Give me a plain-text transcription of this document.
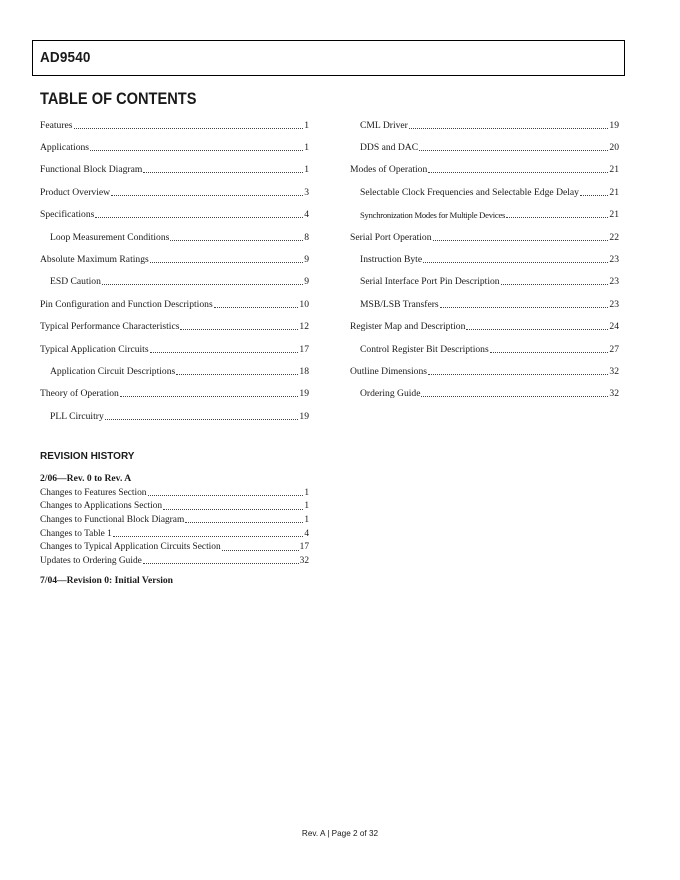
AD9540
TABLE OF CONTENTS
Features	1
Applications	1
Functional Block Diagram	1
Product Overview	3
Specifications	4
Loop Measurement Conditions	8
Absolute Maximum Ratings	9
ESD Caution	9
Pin Configuration and Function Descriptions	10
Typical Performance Characteristics	12
Typical Application Circuits	17
Application Circuit Descriptions	18
Theory of Operation	19
PLL Circuitry	19
CML Driver	19
DDS and DAC	20
Modes of Operation	21
Selectable Clock Frequencies and Selectable Edge Delay	21
Synchronization Modes for Multiple Devices	21
Serial Port Operation	22
Instruction Byte	23
Serial Interface Port Pin Description	23
MSB/LSB Transfers	23
Register Map and Description	24
Control Register Bit Descriptions	27
Outline Dimensions	32
Ordering Guide	32
REVISION HISTORY
2/06—Rev. 0 to Rev. A
Changes to Features Section	1
Changes to Applications Section	1
Changes to Functional Block Diagram	1
Changes to Table 1	4
Changes to Typical Application Circuits Section	17
Updates to Ordering Guide	32
7/04—Revision 0: Initial Version
Rev. A | Page 2 of 32
